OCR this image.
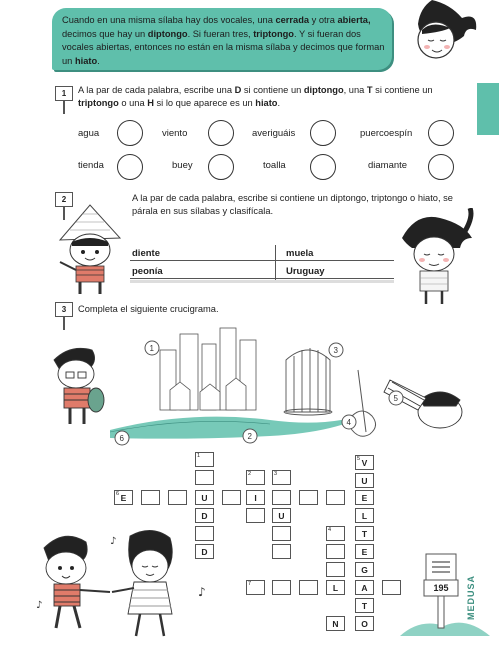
Cuando en una misma sílaba hay dos vocales, una cerrada y otra abierta, decimos que hay un diptongo. Si fueran tres, triptongo. Y si fueran dos vocales abiertas, entonces no están en la misma sílaba y decimos que forman un hiato.
1	A la par de cada palabra, escribe una D si contiene un diptongo, una T si contiene un triptongo o una H si lo que aparece es un hiato.
agua	viento	averiguáis	puercoespín
tienda	buey	toalla	diamante
2	A la par de cada palabra, escribe si contiene un diptongo, triptongo o hiato, se párala en sus sílabas y clasifícala.
diente	muela
peonía	Uruguay
3	Completa el siguiente crucigrama.
1
2
3
4
5
6
♪
♪
♪
1	5 V
2	3
U
6 E	U	I	E
D	U	L
4	T
D	E
G
7	L	A
T
N	O
195	MEDUSA
